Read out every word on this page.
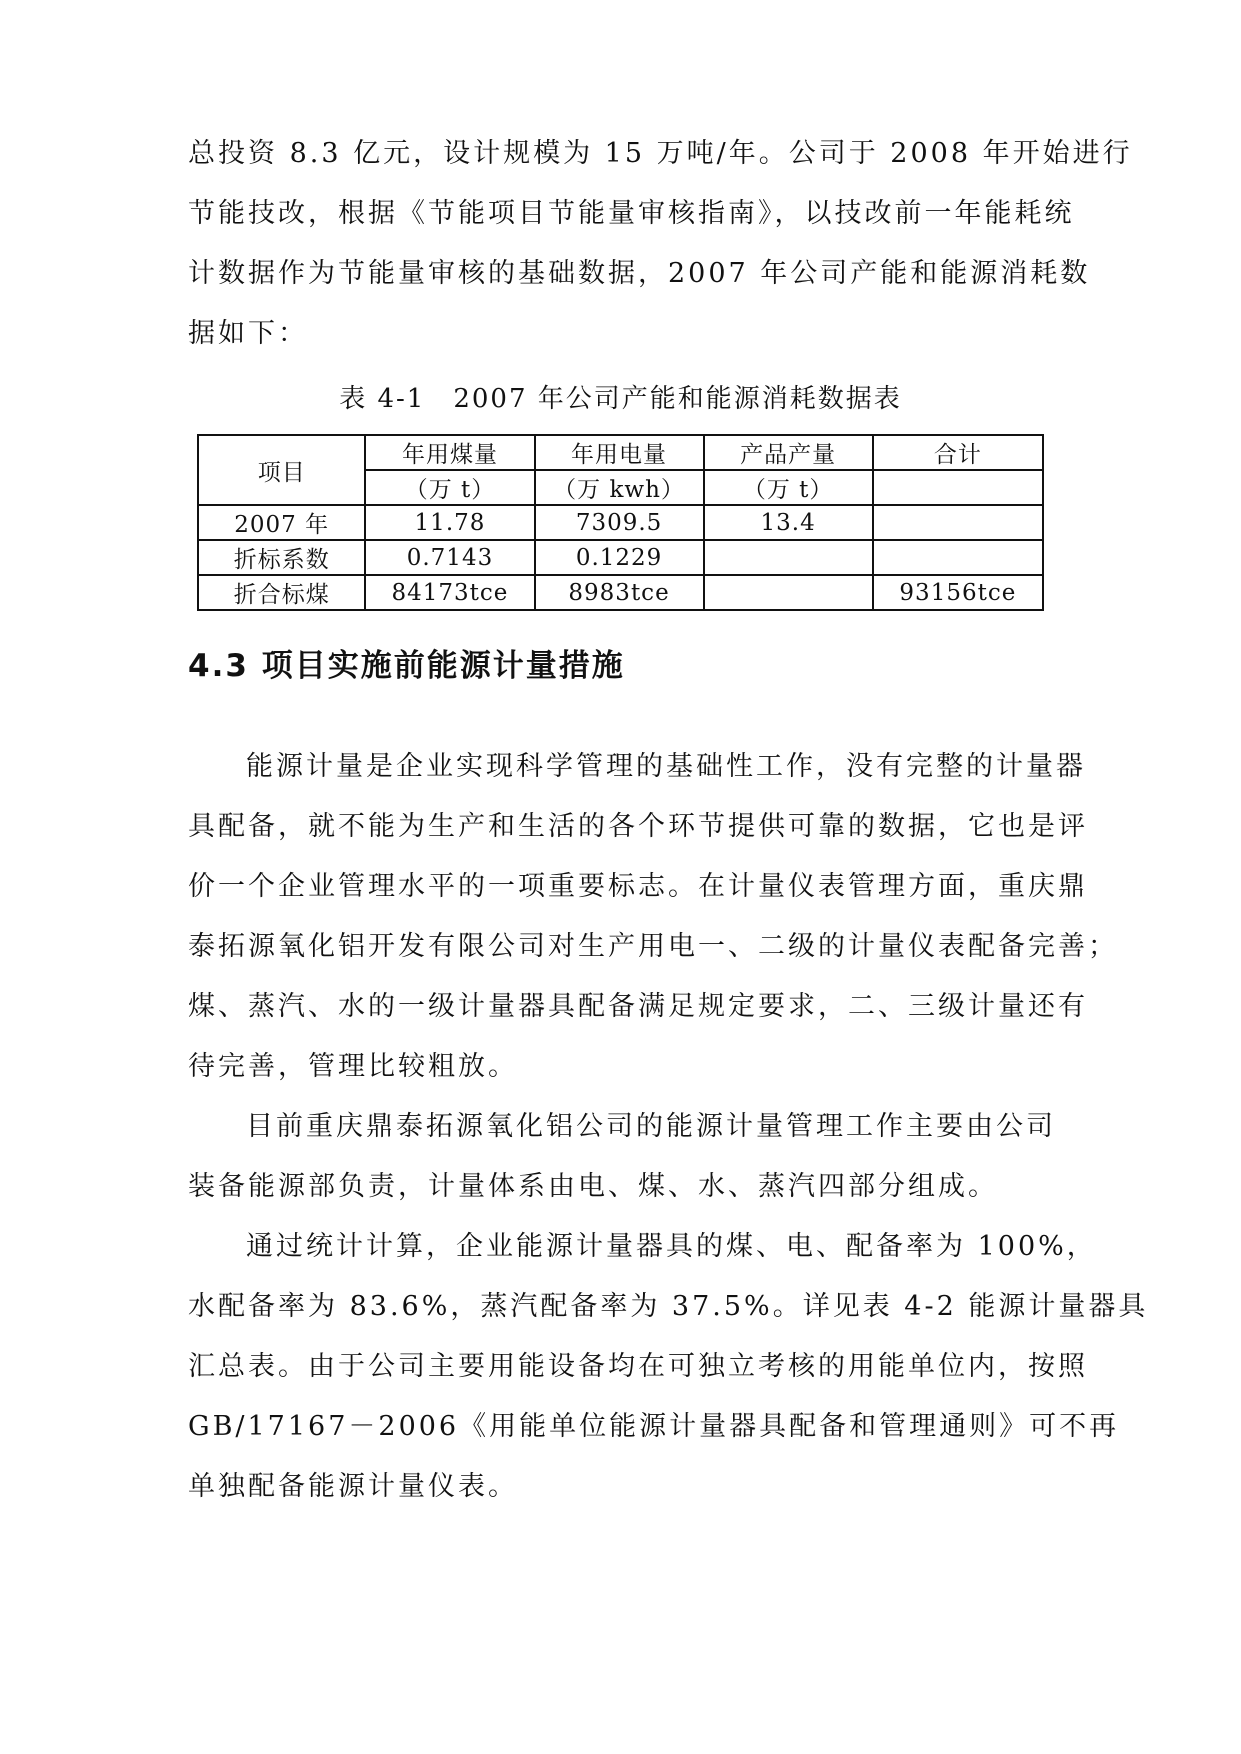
总投资 8.3 亿元，设计规模为 15 万吨/年。公司于 2008 年开始进行
节能技改，根据《节能项目节能量审核指南》，以技改前一年能耗统
计数据作为节能量审核的基础数据，2007 年公司产能和能源消耗数
据如下：

表 4-1　2007 年公司产能和能源消耗数据表

项目	年用煤量	年用电量	产品产量	合计
	（万 t）	（万 kwh）	（万 t）	
2007 年	11.78	7309.5	13.4	
折标系数	0.7143	0.1229		
折合标煤	84173tce	8983tce		93156tce
4.3 项目实施前能源计量措施
能源计量是企业实现科学管理的基础性工作，没有完整的计量器
具配备，就不能为生产和生活的各个环节提供可靠的数据，它也是评
价一个企业管理水平的一项重要标志。在计量仪表管理方面，重庆鼎
泰拓源氧化铝开发有限公司对生产用电一、二级的计量仪表配备完善；
煤、蒸汽、水的一级计量器具配备满足规定要求，二、三级计量还有
待完善，管理比较粗放。
目前重庆鼎泰拓源氧化铝公司的能源计量管理工作主要由公司
装备能源部负责，计量体系由电、煤、水、蒸汽四部分组成。
通过统计计算，企业能源计量器具的煤、电、配备率为 100%，
水配备率为 83.6%，蒸汽配备率为 37.5%。详见表 4-2 能源计量器具
汇总表。由于公司主要用能设备均在可独立考核的用能单位内，按照
GB/17167－2006《用能单位能源计量器具配备和管理通则》可不再
单独配备能源计量仪表。
